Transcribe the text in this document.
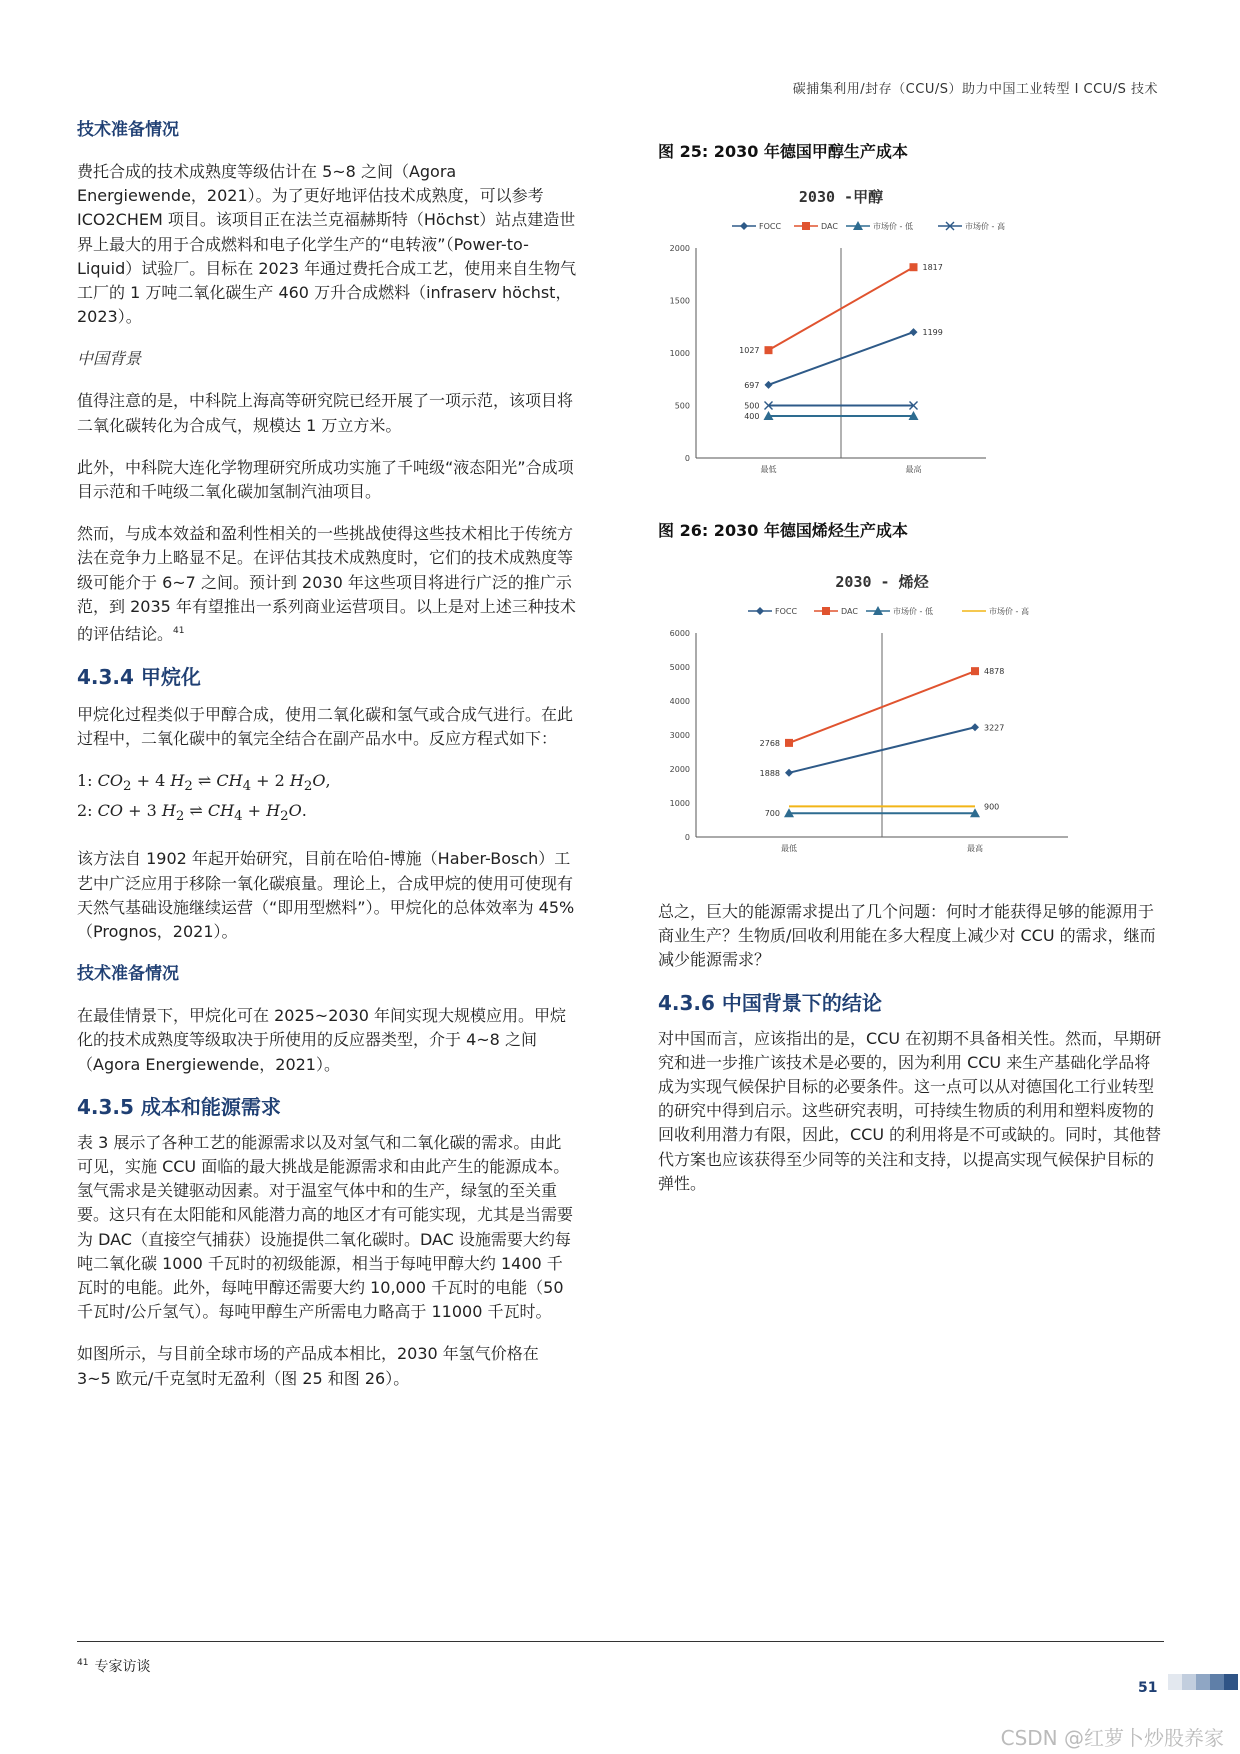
碳捕集利用/封存（CCU/S）助力中国工业转型 I CCU/S 技术

技术准备情况

费托合成的技术成熟度等级估计在 5~8 之间（Agora Energiewende，2021）。为了更好地评估技术成熟度，可以参考 ICO2CHEM 项目。该项目正在法兰克福赫斯特（Höchst）站点建造世界上最大的用于合成燃料和电子化学生产的“电转液”（Power-to-Liquid）试验厂。目标在 2023 年通过费托合成工艺，使用来自生物气工厂的 1 万吨二氧化碳生产 460 万升合成燃料（infraserv höchst，2023）。

中国背景

值得注意的是，中科院上海高等研究院已经开展了一项示范，该项目将二氧化碳转化为合成气，规模达 1 万立方米。

此外，中科院大连化学物理研究所成功实施了千吨级“液态阳光”合成项目示范和千吨级二氧化碳加氢制汽油项目。

然而，与成本效益和盈利性相关的一些挑战使得这些技术相比于传统方法在竞争力上略显不足。在评估其技术成熟度时，它们的技术成熟度等级可能介于 6~7 之间。预计到 2030 年这些项目将进行广泛的推广示范，到 2035 年有望推出一系列商业运营项目。以上是对上述三种技术的评估结论。$^{41}$

4.3.4 甲烷化

甲烷化过程类似于甲醇合成，使用二氧化碳和氢气或合成气进行。在此过程中，二氧化碳中的氧完全结合在副产品水中。反应方程式如下：

1: $CO_2 + 4$ $H_2$ ⇌ $CH_4 + 2$ $H_2O$,

2: CO + 3 $H_2$ ⇌ $CH_4 + H_2O$.

该方法自 1902 年起开始研究，目前在哈伯-博施（Haber-Bosch）工艺中广泛应用于移除一氧化碳痕量。理论上，合成甲烷的使用可使现有天然气基础设施继续运营（“即用型燃料”）。甲烷化的总体效率为 45%（Prognos，2021）。

技术准备情况

在最佳情景下，甲烷化可在 2025~2030 年间实现大规模应用。甲烷化的技术成熟度等级取决于所使用的反应器类型，介于 4~8 之间（Agora Energiewende，2021）。

4.3.5 成本和能源需求

表 3 展示了各种工艺的能源需求以及对氢气和二氧化碳的需求。由此可见，实施 CCU 面临的最大挑战是能源需求和由此产生的能源成本。氢气需求是关键驱动因素。对于温室气体中和的生产，绿氢的至关重要。这只有在太阳能和风能潜力高的地区才有可能实现，尤其是当需要为 DAC（直接空气捕获）设施提供二氧化碳时。DAC 设施需要大约每吨二氧化碳 1000 千瓦时的初级能源，相当于每吨甲醇大约 1400 千瓦时的电能。此外，每吨甲醇还需要大约 10,000 千瓦时的电能（50 千瓦时/公斤氢气）。每吨甲醇生产所需电力略高于 11000 千瓦时。

如图所示，与目前全球市场的产品成本相比，2030 年氢气价格在 3~5 欧元/千克氢时无盈利（图 25 和图 26）。

图 25: 2030 年德国甲醇生产成本

2030 -甲醇
FOCC	DAC	市场价 - 低	市场价 - 高
0
500
1000
1500
2000
最低	最高
697
1199
1027
1817
400
500

图 26: 2030 年德国烯烃生产成本

2030 - 烯烃
FOCC	DAC	市场价 - 低	市场价 - 高
0
1000
2000
3000
4000
5000
6000
最低	最高
1888
3227
2768
4878
700
900

总之，巨大的能源需求提出了几个问题：何时才能获得足够的能源用于商业生产？生物质/回收利用能在多大程度上减少对 CCU 的需求，继而减少能源需求？

4.3.6 中国背景下的结论

对中国而言，应该指出的是，CCU 在初期不具备相关性。然而，早期研究和进一步推广该技术是必要的，因为利用 CCU 来生产基础化学品将成为实现气候保护目标的必要条件。这一点可以从对德国化工行业转型的研究中得到启示。这些研究表明，可持续生物质的利用和塑料废物的回收利用潜力有限，因此，CCU 的利用将是不可或缺的。同时，其他替代方案也应该获得至少同等的关注和支持，以提高实现气候保护目标的弹性。

$^{41}$ 专家访谈
51
CSDN @红萝卜炒股养家
